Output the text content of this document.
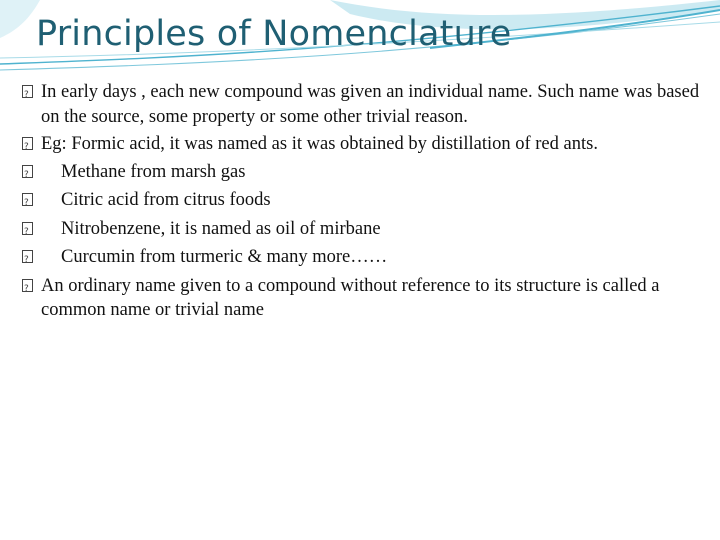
Principles of Nomenclature
?
In early days , each new compound was given an individual name. Such name was based on the source, some property or some other trivial reason.
?
Eg: Formic acid, it was named as it was obtained by distillation of red ants.
?
Methane from marsh gas
?
Citric acid from citrus foods
?
Nitrobenzene, it is named as oil of mirbane
?
Curcumin from turmeric & many more……
?
An ordinary name given to a compound without reference to its structure is called a common name or trivial name
